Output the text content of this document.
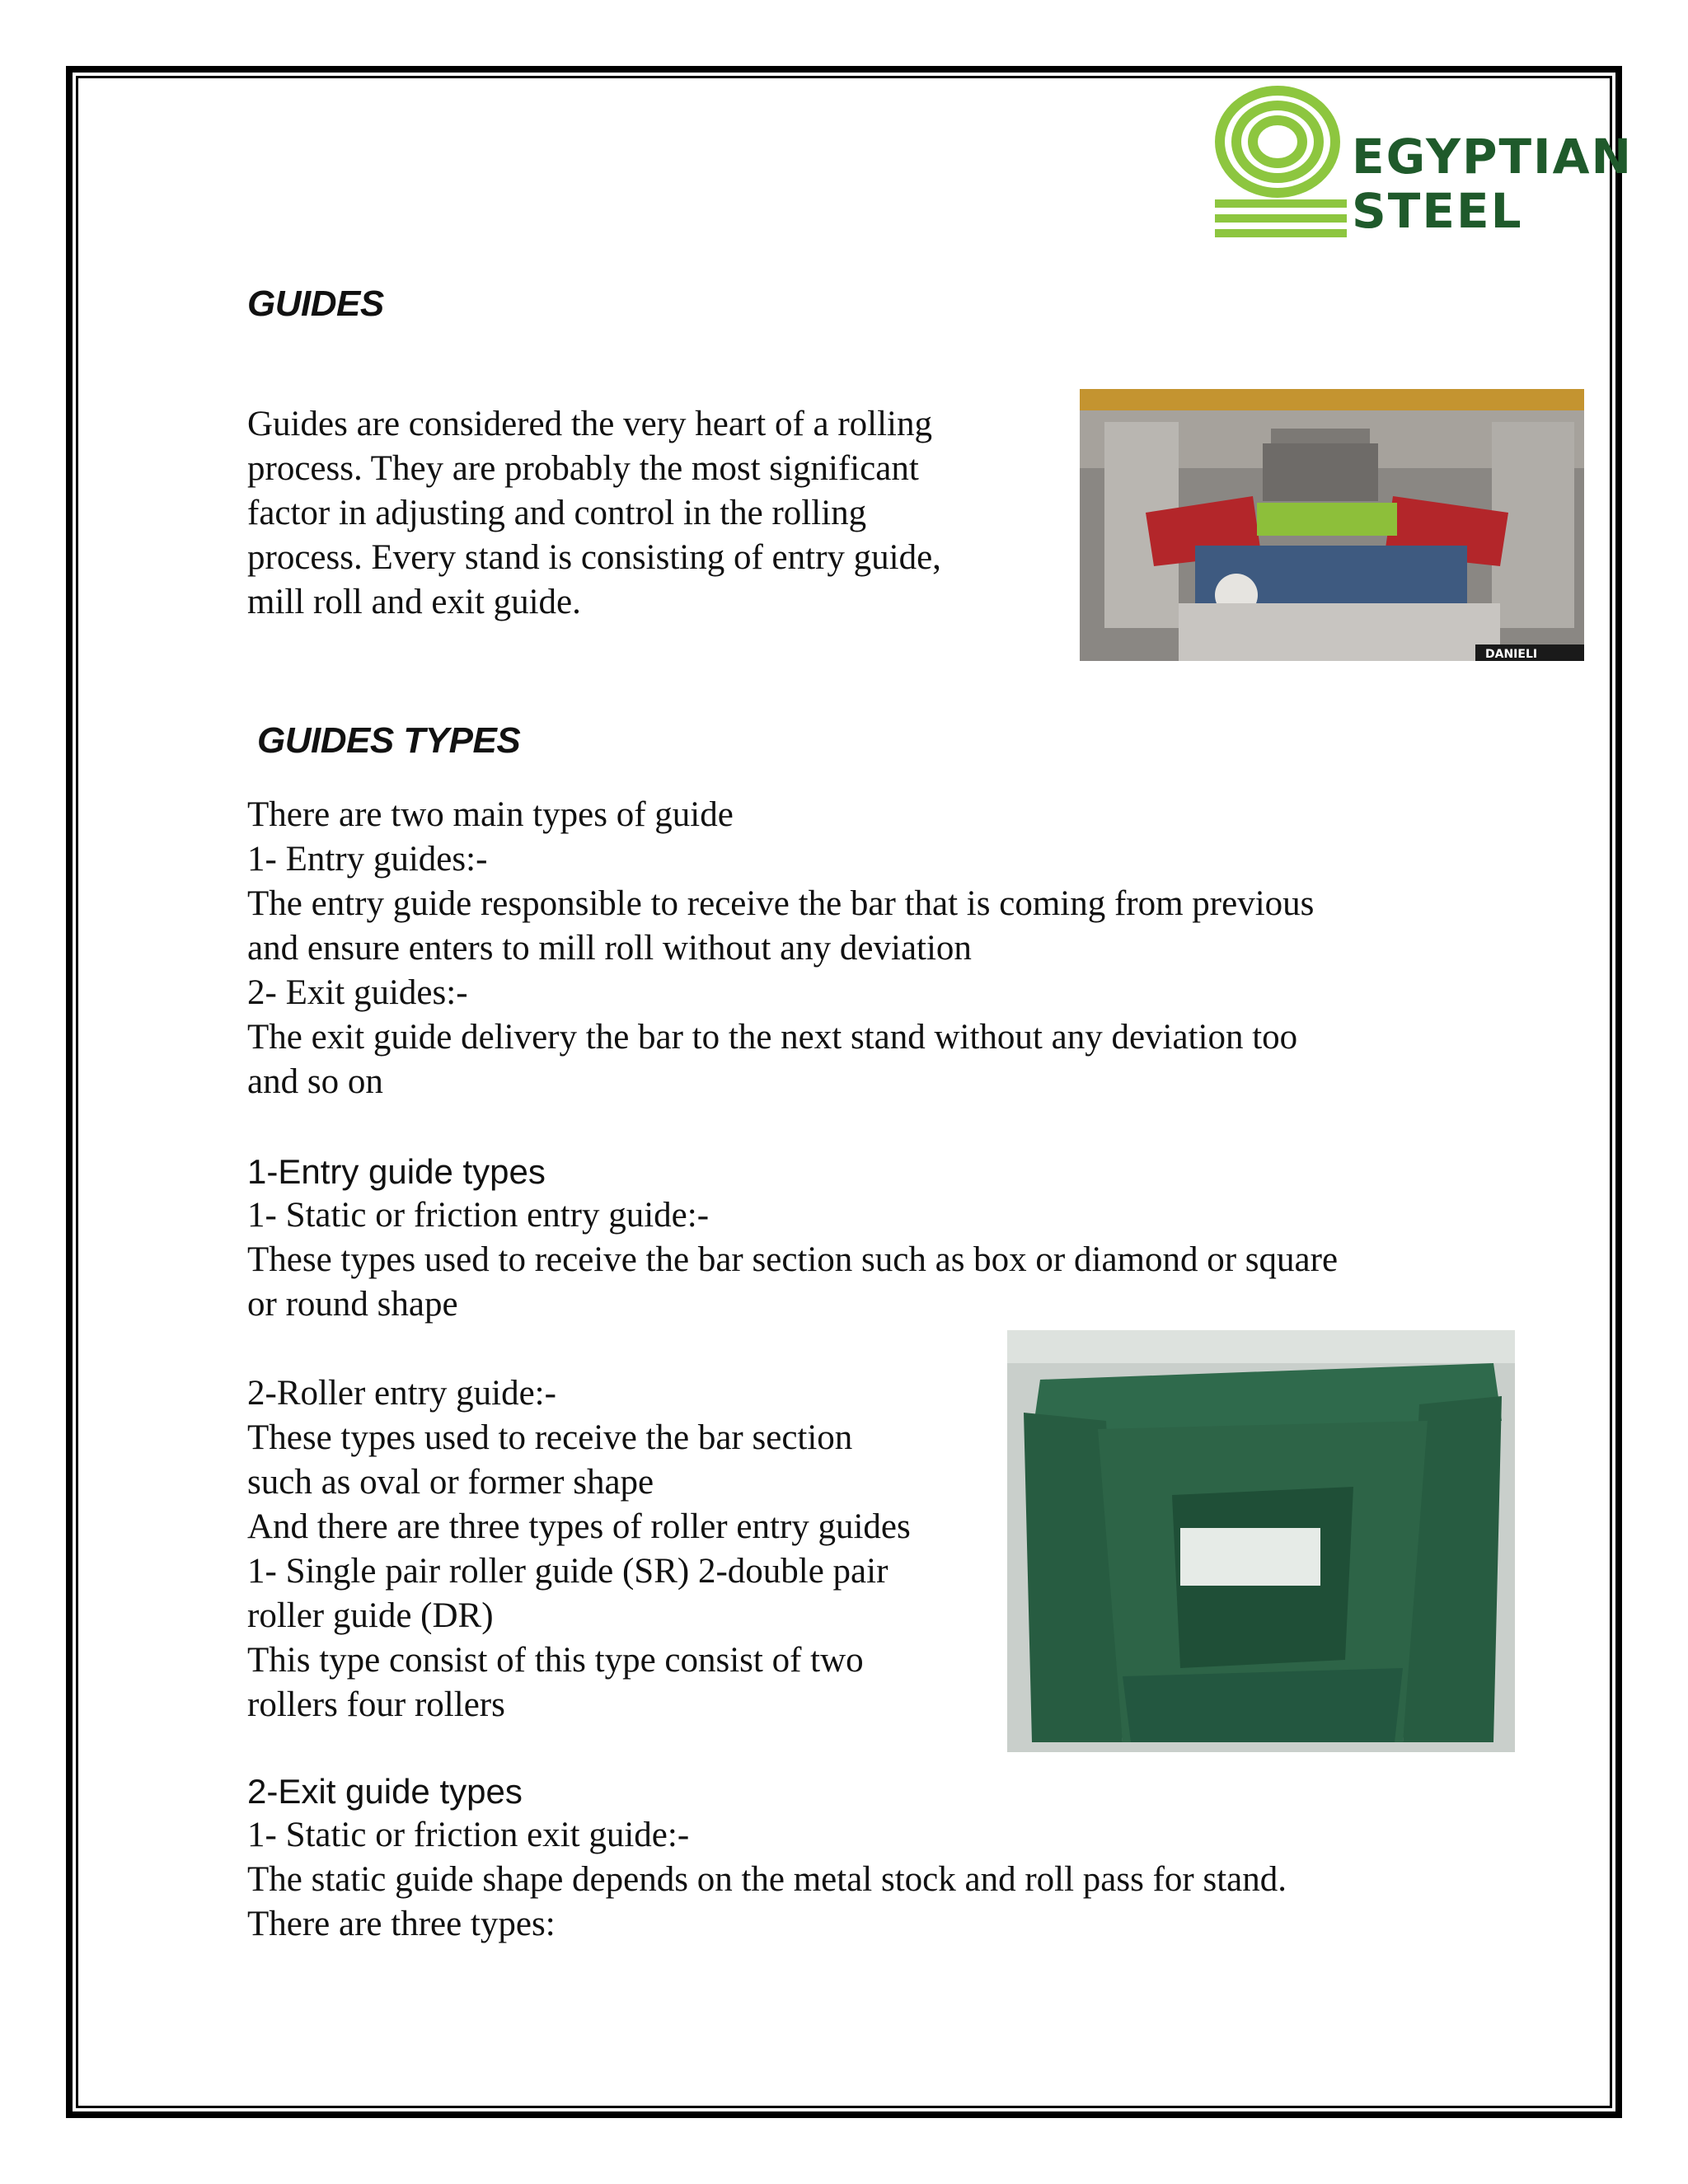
EGYPTIAN
STEEL
GUIDES
Guides are considered the very heart of a rolling
process. They are probably the most significant
factor in adjusting and control in the rolling
process. Every stand is consisting of entry guide,
mill roll and exit guide.
DANIELI
GUIDES TYPES
There are two main types of guide
1- Entry guides:-
The entry guide responsible to receive the bar that is coming from previous
and ensure enters to mill roll without any deviation
2- Exit guides:-
The exit guide delivery the bar to the next stand without any deviation too
and so on
1-Entry guide types
1- Static or friction entry guide:-
These types used to receive the bar section such as box or diamond or square
or round shape
2-Roller entry guide:-
These types used to receive the bar section
such as oval or former shape
And there are three types of roller entry guides
1- Single pair roller guide (SR) 2-double pair
roller guide (DR)
This type consist of this type consist of two
rollers four rollers
2-Exit guide types
1- Static or friction exit guide:-
The static guide shape depends on the metal stock and roll pass for stand.
There are three types:
